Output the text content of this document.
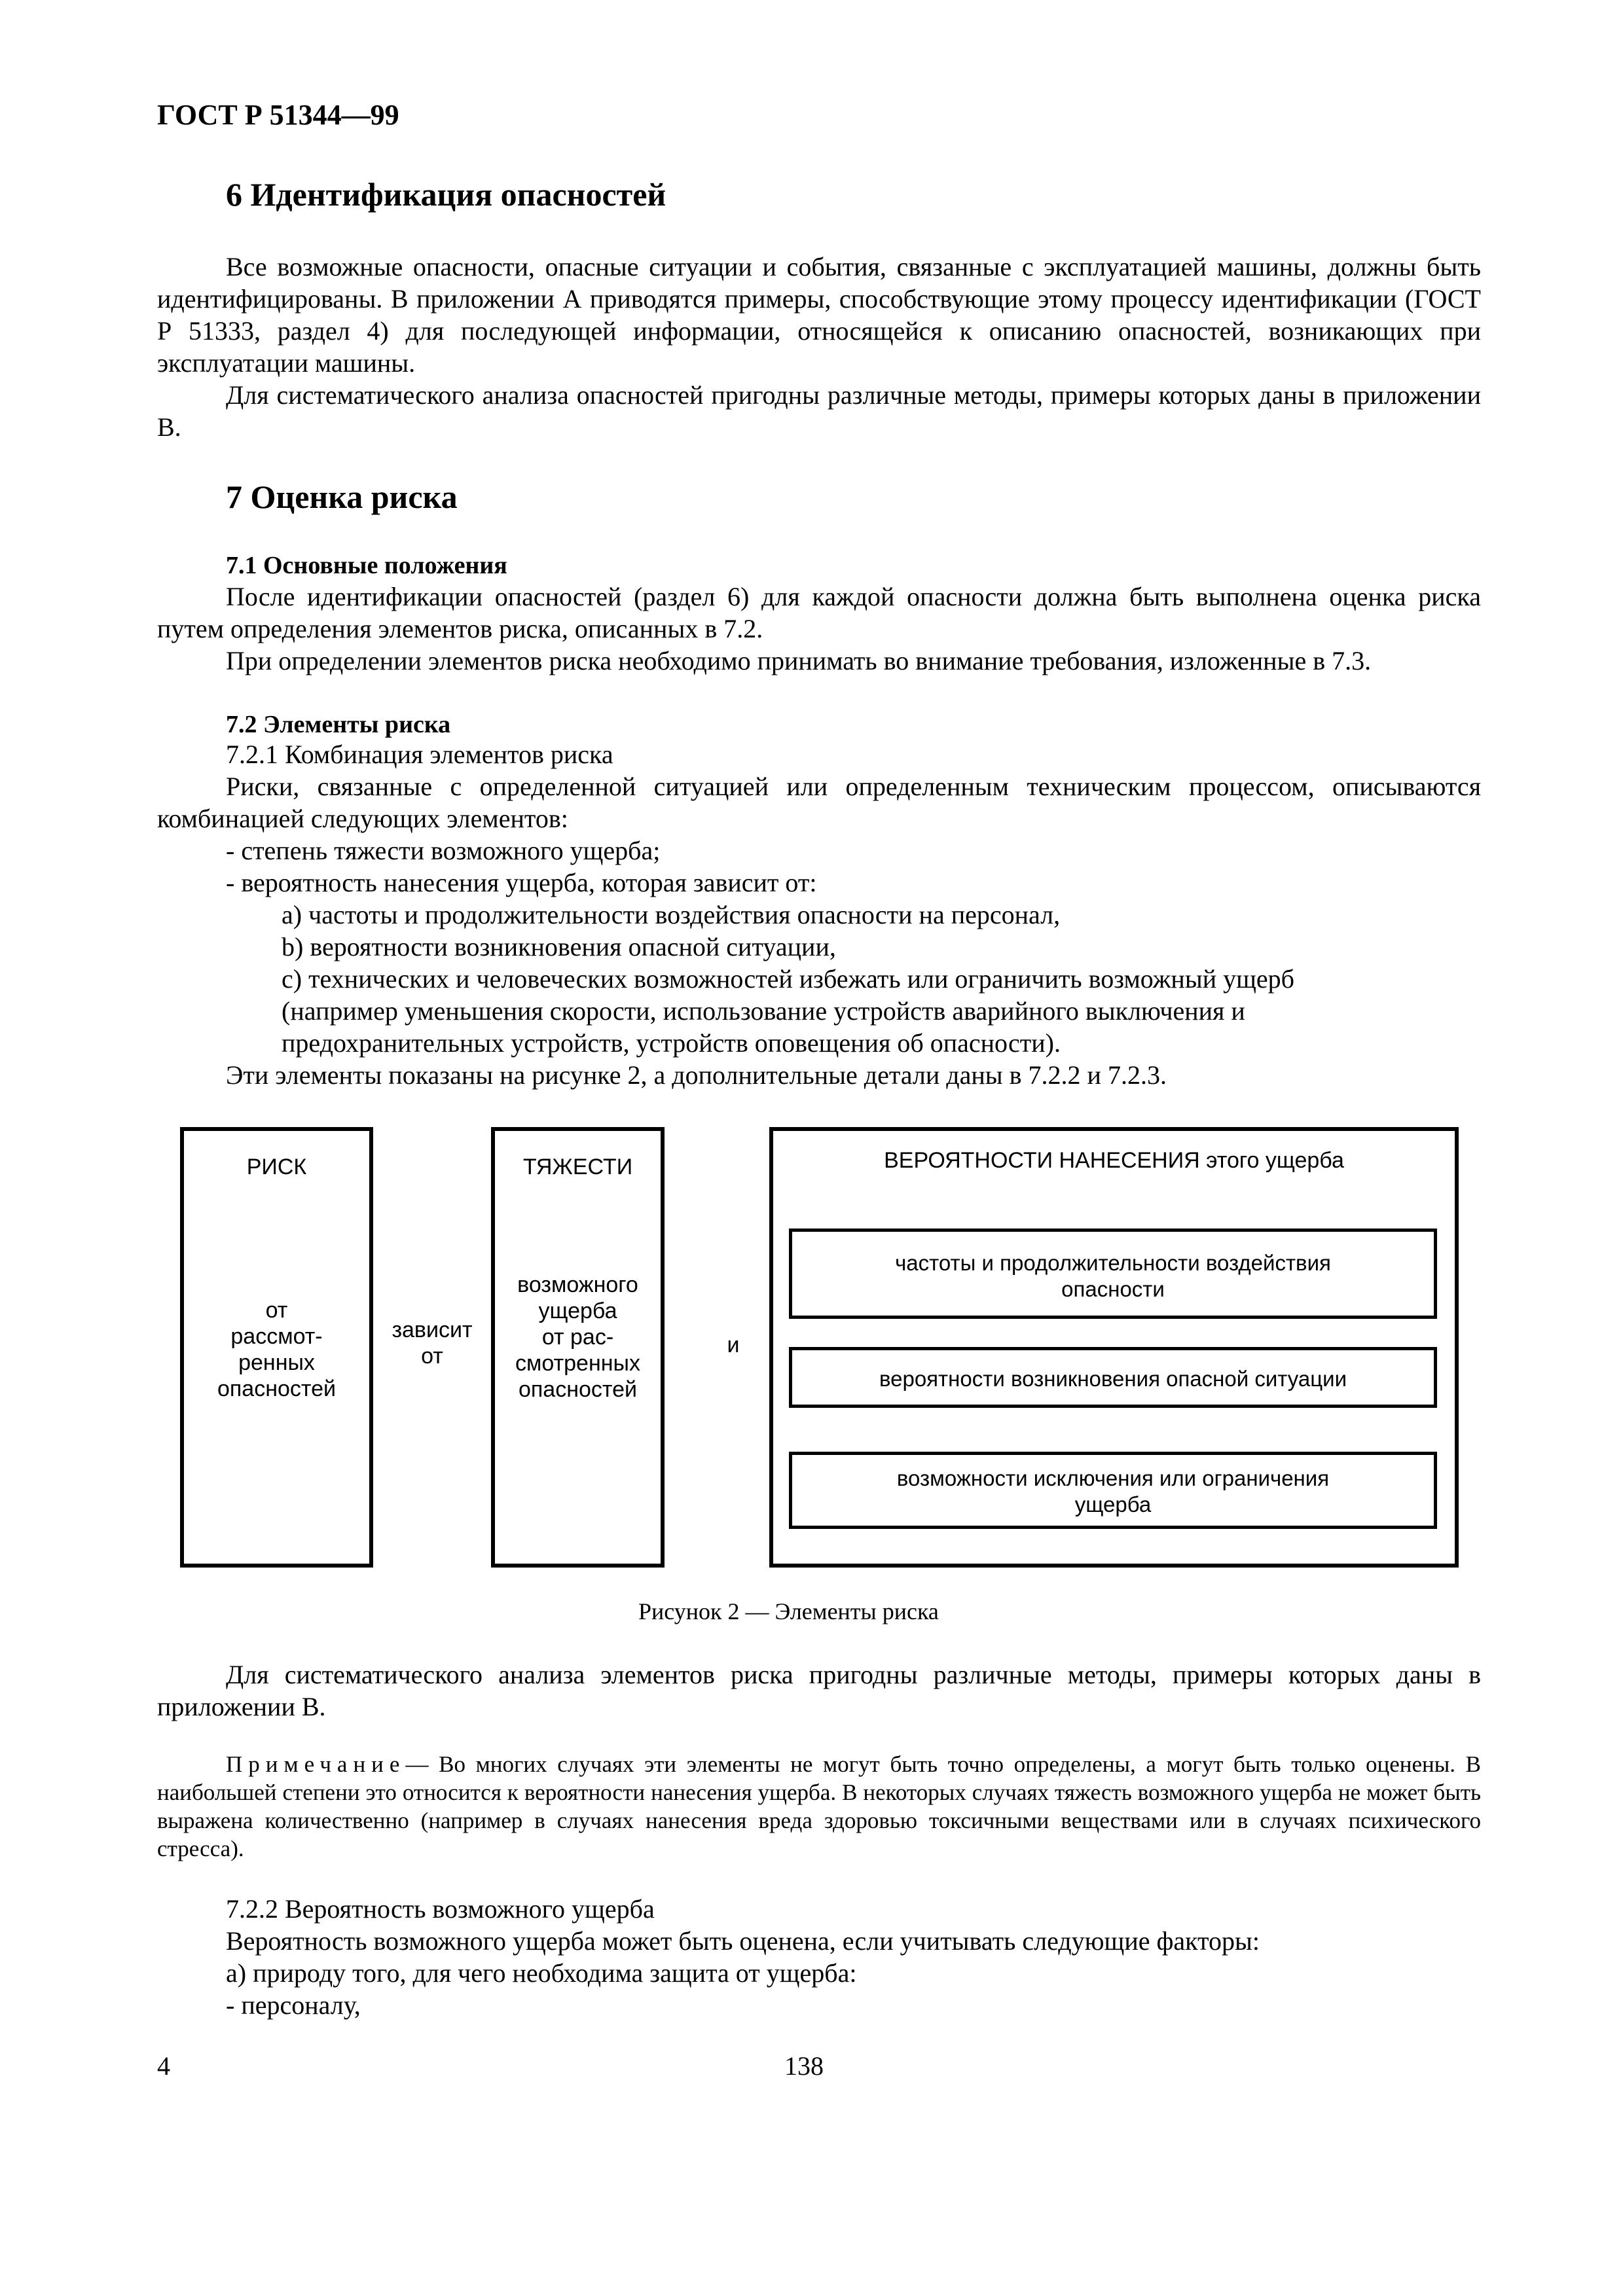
ГОСТ Р 51344—99
6 Идентификация опасностей
Все возможные опасности, опасные ситуации и события, связанные с эксплуатацией машины, должны быть идентифицированы. В приложении А приводятся примеры, способствующие этому процессу идентификации (ГОСТ Р 51333, раздел 4) для последующей информации, относящейся к описанию опасностей, возникающих при эксплуатации машины.
Для систематического анализа опасностей пригодны различные методы, примеры которых даны в приложении В.
7 Оценка риска
7.1 Основные положения
После идентификации опасностей (раздел 6) для каждой опасности должна быть выполнена оценка риска путем определения элементов риска, описанных в 7.2.
При определении элементов риска необходимо принимать во внимание требования, изложенные в 7.3.
7.2 Элементы риска
7.2.1 Комбинация элементов риска
Риски, связанные с определенной ситуацией или определенным техническим процессом, описываются комбинацией следующих элементов:
- степень тяжести возможного ущерба;
- вероятность нанесения ущерба, которая зависит от:
a) частоты и продолжительности воздействия опасности на персонал,
b) вероятности возникновения опасной ситуации,
c) технических и человеческих возможностей избежать или ограничить возможный ущерб
(например уменьшения скорости, использование устройств аварийного выключения и
предохранительных устройств, устройств оповещения об опасности).
Эти элементы показаны на рисунке 2, а дополнительные детали даны в 7.2.2 и 7.2.3.
РИСК
от
рассмот-
ренных
опасностей
зависит
от
ТЯЖЕСТИ
возможного
ущерба
от рас-
смотренных
опасностей
и
ВЕРОЯТНОСТИ НАНЕСЕНИЯ этого ущерба
частоты и продолжительности воздействия
опасности
вероятности возникновения опасной ситуации
возможности исключения или ограничения
ущерба
Рисунок 2 — Элементы риска
Для систематического анализа элементов риска пригодны различные методы, примеры которых даны в приложении В.
Примечание— Во многих случаях эти элементы не могут быть точно определены, а могут быть только оценены. В наибольшей степени это относится к вероятности нанесения ущерба. В некоторых случаях тяжесть возможного ущерба не может быть выражена количественно (например в случаях нанесения вреда здоровью токсичными веществами или в случаях психического стресса).
7.2.2 Вероятность возможного ущерба
Вероятность возможного ущерба может быть оценена, если учитывать следующие факторы:
a) природу того, для чего необходима защита от ущерба:
- персоналу,
4	138
